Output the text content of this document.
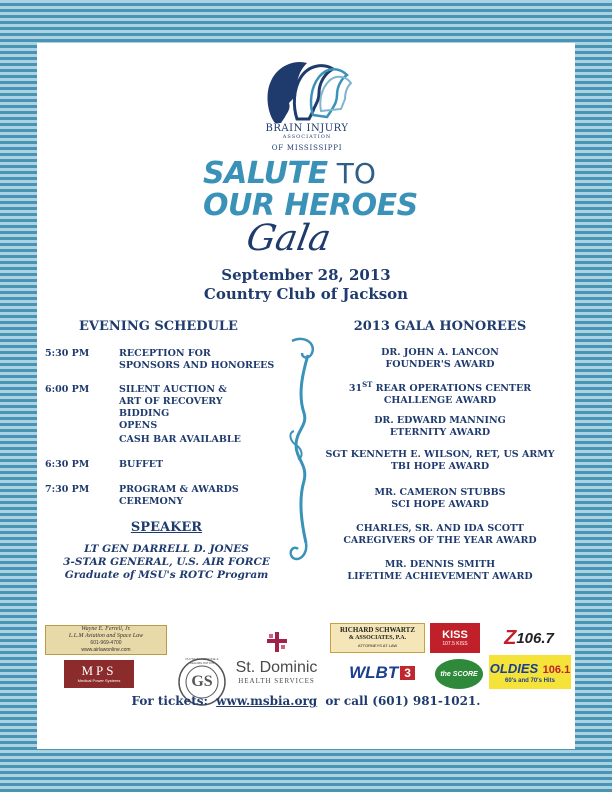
BRAIN INJURY
ASSOCIATION
OF MISSISSIPPI
SALUTE TO
OUR HEROES
Gala
September 28, 2013
Country Club of Jackson
EVENING SCHEDULE
5:30 PM	RECEPTION FOR
SPONSORS AND HONOREES
6:00 PM	SILENT AUCTION &
ART OF RECOVERY BIDDING
OPENS
CASH BAR AVAILABLE
6:30 PM	BUFFET
7:30 PM	PROGRAM & AWARDS
CEREMONY
SPEAKER
LT GEN DARRELL D. JONES
3-STAR GENERAL, U.S. AIR FORCE
Graduate of MSU's ROTC Program
2013 GALA HONOREES
DR. JOHN A. LANCON
FOUNDER'S AWARD
31ST REAR OPERATIONS CENTER
CHALLENGE AWARD
DR. EDWARD MANNING
ETERNITY AWARD
SGT KENNETH E. WILSON, RET, US ARMY
TBI HOPE AWARD
MR. CAMERON STUBBS
SCI HOPE AWARD
CHARLES, SR. AND IDA SCOTT
CAREGIVERS OF THE YEAR AWARD
MR. DENNIS SMITH
LIFETIME ACHIEVEMENT AWARD
Wayne E. Ferrell, Jr.
L.L.M Aviation and Space Law
601-969-4700
www.airlawonline.com
MPS
Medical Power Systems
PHYSICAL MEDICINE & REHABILITATION
GS
St. Dominic
HEALTH SERVICES
RICHARD SCHWARTZ
& ASSOCIATES, P.A.
ATTORNEYS AT LAW
WLBT 3
KISS
107.5 KISS
the SCORE
Z 106.7
OLDIES 106.1
60's and 70's Hits
For tickets: www.msbia.org or call (601) 981-1021.
